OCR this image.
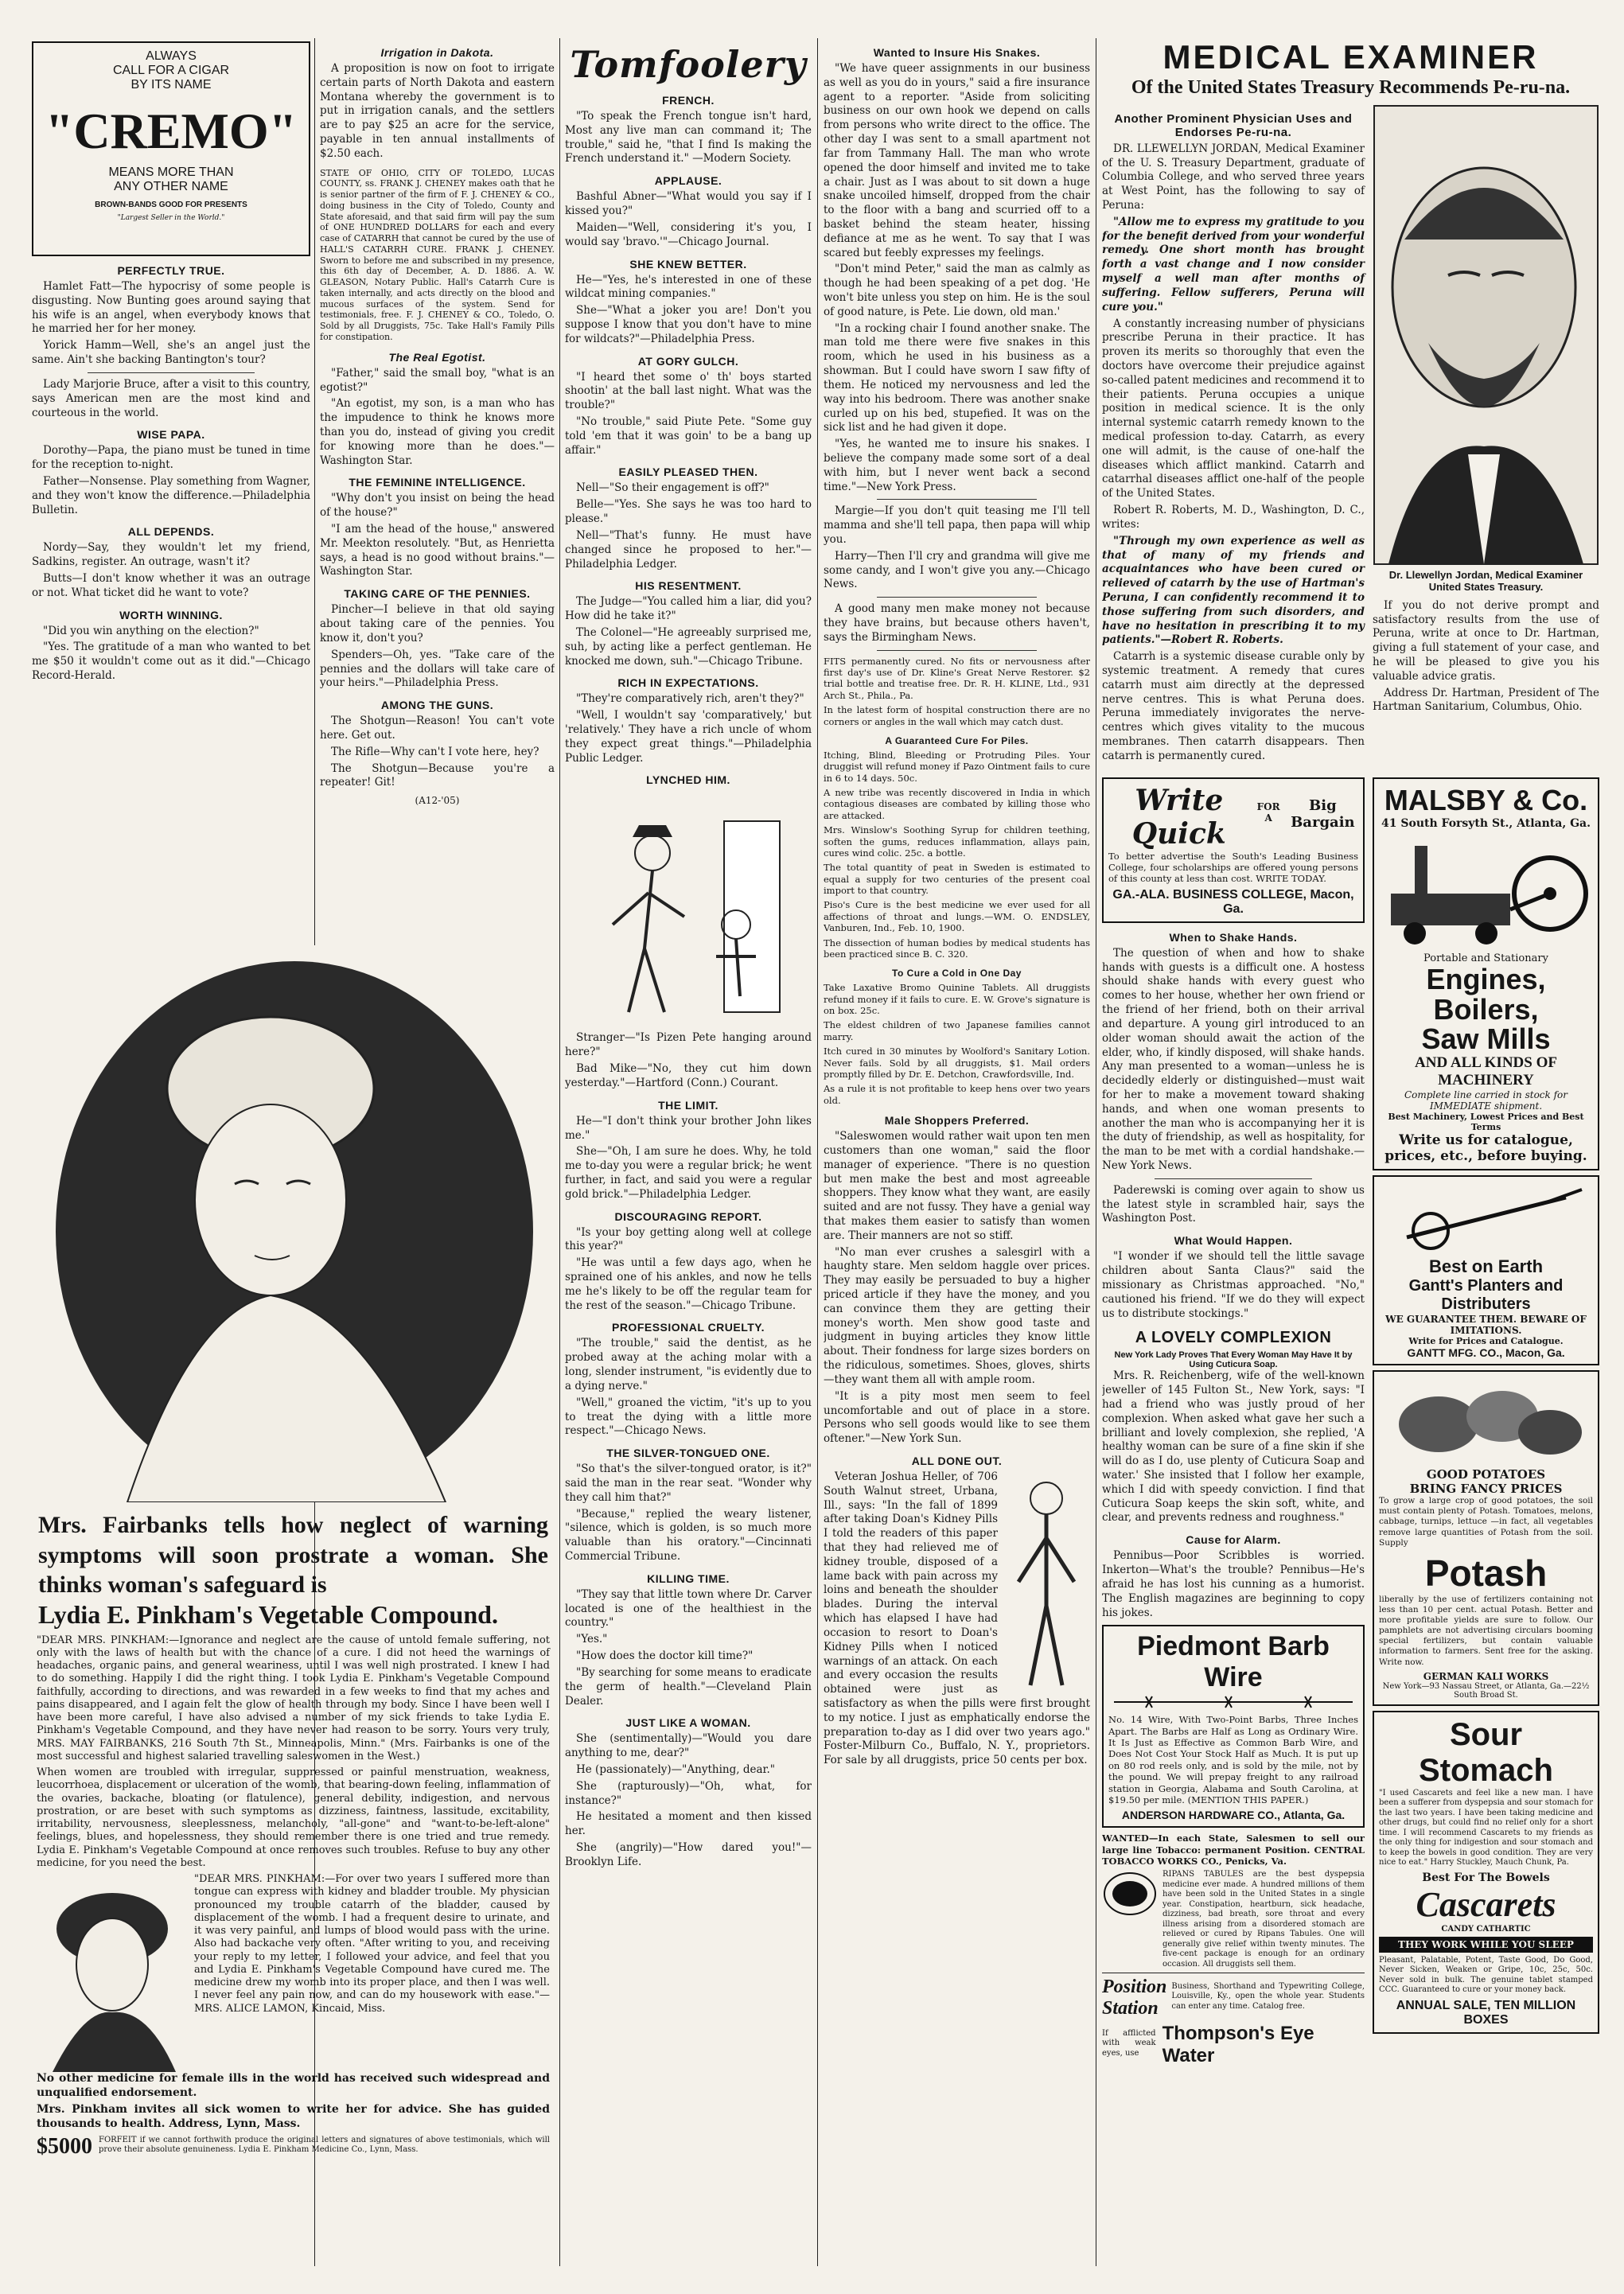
ALWAYS
CALL FOR A CIGAR
BY ITS NAME
"CREMO"
MEANS MORE THAN
ANY OTHER NAME
BROWN-BANDS GOOD FOR PRESENTS
"Largest Seller in the World."
PERFECTLY TRUE.

Hamlet Fatt—The hypocrisy of some people is disgusting. Now Bunting goes around saying that his wife is an angel, when everybody knows that he married her for her money.

Yorick Hamm—Well, she's an angel just the same. Ain't she backing Bantington's tour?

Lady Marjorie Bruce, after a visit to this country, says American men are the most kind and courteous in the world.

WISE PAPA.

Dorothy—Papa, the piano must be tuned in time for the reception to-night.

Father—Nonsense. Play something from Wagner, and they won't know the difference.—Philadelphia Bulletin.

ALL DEPENDS.

Nordy—Say, they wouldn't let my friend, Sadkins, register. An outrage, wasn't it?

Butts—I don't know whether it was an outrage or not. What ticket did he want to vote?

WORTH WINNING.

"Did you win anything on the election?"

"Yes. The gratitude of a man who wanted to bet me $50 it wouldn't come out as it did."—Chicago Record-Herald.

Mrs. Fairbanks tells how neglect of warning symptoms will soon prostrate a woman. She thinks woman's safeguard is
Lydia E. Pinkham's Vegetable Compound.

"DEAR MRS. PINKHAM:—Ignorance and neglect are the cause of untold female suffering, not only with the laws of health but with the chance of a cure. I did not heed the warnings of headaches, organic pains, and general weariness, until I was well nigh prostrated. I knew I had to do something. Happily I did the right thing. I took Lydia E. Pinkham's Vegetable Compound faithfully, according to directions, and was rewarded in a few weeks to find that my aches and pains disappeared, and I again felt the glow of health through my body. Since I have been well I have been more careful, I have also advised a number of my sick friends to take Lydia E. Pinkham's Vegetable Compound, and they have never had reason to be sorry. Yours very truly, MRS. MAY FAIRBANKS, 216 South 7th St., Minneapolis, Minn." (Mrs. Fairbanks is one of the most successful and highest salaried travelling saleswomen in the West.)

When women are troubled with irregular, suppressed or painful menstruation, weakness, leucorrhoea, displacement or ulceration of the womb, that bearing-down feeling, inflammation of the ovaries, backache, bloating (or flatulence), general debility, indigestion, and nervous prostration, or are beset with such symptoms as dizziness, faintness, lassitude, excitability, irritability, nervousness, sleeplessness, melancholy, "all-gone" and "want-to-be-left-alone" feelings, blues, and hopelessness, they should remember there is one tried and true remedy. Lydia E. Pinkham's Vegetable Compound at once removes such troubles. Refuse to buy any other medicine, for you need the best.

"DEAR MRS. PINKHAM:—For over two years I suffered more than tongue can express with kidney and bladder trouble. My physician pronounced my trouble catarrh of the bladder, caused by displacement of the womb. I had a frequent desire to urinate, and it was very painful, and lumps of blood would pass with the urine. Also had backache very often. "After writing to you, and receiving your reply to my letter, I followed your advice, and feel that you and Lydia E. Pinkham's Vegetable Compound have cured me. The medicine drew my womb into its proper place, and then I was well. I never feel any pain now, and can do my housework with ease."—MRS. ALICE LAMON, Kincaid, Miss.

No other medicine for female ills in the world has received such widespread and unqualified endorsement.

Mrs. Pinkham invites all sick women to write her for advice. She has guided thousands to health. Address, Lynn, Mass.

$5000 FORFEIT if we cannot forthwith produce the original letters and signatures of above testimonials, which will prove their absolute genuineness. Lydia E. Pinkham Medicine Co., Lynn, Mass.
Irrigation in Dakota.

A proposition is now on foot to irrigate certain parts of North Dakota and eastern Montana whereby the government is to put in irrigation canals, and the settlers are to pay $25 an acre for the service, payable in ten annual installments of $2.50 each.

STATE OF OHIO, CITY OF TOLEDO, LUCAS COUNTY, ss. FRANK J. CHENEY makes oath that he is senior partner of the firm of F. J. CHENEY & CO., doing business in the City of Toledo, County and State aforesaid, and that said firm will pay the sum of ONE HUNDRED DOLLARS for each and every case of CATARRH that cannot be cured by the use of HALL'S CATARRH CURE. FRANK J. CHENEY. Sworn to before me and subscribed in my presence, this 6th day of December, A. D. 1886. A. W. GLEASON, Notary Public. Hall's Catarrh Cure is taken internally, and acts directly on the blood and mucous surfaces of the system. Send for testimonials, free. F. J. CHENEY & CO., Toledo, O. Sold by all Druggists, 75c. Take Hall's Family Pills for constipation.

The Real Egotist.

"Father," said the small boy, "what is an egotist?"

"An egotist, my son, is a man who has the impudence to think he knows more than you do, instead of giving you credit for knowing more than he does."—Washington Star.

THE FEMININE INTELLIGENCE.

"Why don't you insist on being the head of the house?"

"I am the head of the house," answered Mr. Meekton resolutely. "But, as Henrietta says, a head is no good without brains."—Washington Star.

TAKING CARE OF THE PENNIES.

Pincher—I believe in that old saying about taking care of the pennies. You know it, don't you?

Spenders—Oh, yes. "Take care of the pennies and the dollars will take care of your heirs."—Philadelphia Press.

AMONG THE GUNS.

The Shotgun—Reason! You can't vote here. Get out.

The Rifle—Why can't I vote here, hey?

The Shotgun—Because you're a repeater! Git!

(A12-'05)
Tomfoolery
FRENCH.

"To speak the French tongue isn't hard, Most any live man can command it; The trouble," said he, "that I find Is making the French understand it." —Modern Society.

APPLAUSE.

Bashful Abner—"What would you say if I kissed you?"

Maiden—"Well, considering it's you, I would say 'bravo.'"—Chicago Journal.

SHE KNEW BETTER.

He—"Yes, he's interested in one of these wildcat mining companies."

She—"What a joker you are! Don't you suppose I know that you don't have to mine for wildcats?"—Philadelphia Press.

AT GORY GULCH.

"I heard thet some o' th' boys started shootin' at the ball last night. What was the trouble?"

"No trouble," said Piute Pete. "Some guy told 'em that it was goin' to be a bang up affair."

EASILY PLEASED THEN.

Nell—"So their engagement is off?"

Belle—"Yes. She says he was too hard to please."

Nell—"That's funny. He must have changed since he proposed to her."—Philadelphia Ledger.

HIS RESENTMENT.

The Judge—"You called him a liar, did you? How did he take it?"

The Colonel—"He agreeably surprised me, suh, by acting like a perfect gentleman. He knocked me down, suh."—Chicago Tribune.

RICH IN EXPECTATIONS.

"They're comparatively rich, aren't they?"

"Well, I wouldn't say 'comparatively,' but 'relatively.' They have a rich uncle of whom they expect great things."—Philadelphia Public Ledger.

LYNCHED HIM.

Stranger—"Is Pizen Pete hanging around here?"

Bad Mike—"No, they cut him down yesterday."—Hartford (Conn.) Courant.

THE LIMIT.

He—"I don't think your brother John likes me."

She—"Oh, I am sure he does. Why, he told me to-day you were a regular brick; he went further, in fact, and said you were a regular gold brick."—Philadelphia Ledger.

DISCOURAGING REPORT.

"Is your boy getting along well at college this year?"

"He was until a few days ago, when he sprained one of his ankles, and now he tells me he's likely to be off the regular team for the rest of the season."—Chicago Tribune.

PROFESSIONAL CRUELTY.

"The trouble," said the dentist, as he probed away at the aching molar with a long, slender instrument, "is evidently due to a dying nerve."

"Well," groaned the victim, "it's up to you to treat the dying with a little more respect."—Chicago News.

THE SILVER-TONGUED ONE.

"So that's the silver-tongued orator, is it?" said the man in the rear seat. "Wonder why they call him that?"

"Because," replied the weary listener, "silence, which is golden, is so much more valuable than his oratory."—Cincinnati Commercial Tribune.

KILLING TIME.

"They say that little town where Dr. Carver located is one of the healthiest in the country."

"Yes."

"How does the doctor kill time?"

"By searching for some means to eradicate the germ of health."—Cleveland Plain Dealer.

JUST LIKE A WOMAN.

She (sentimentally)—"Would you dare anything to me, dear?"

He (passionately)—"Anything, dear."

She (rapturously)—"Oh, what, for instance?"

He hesitated a moment and then kissed her.

She (angrily)—"How dared you!"—Brooklyn Life.

Wanted to Insure His Snakes.

"We have queer assignments in our business as well as you do in yours," said a fire insurance agent to a reporter. "Aside from soliciting business on our own hook we depend on calls from persons who write direct to the office. The other day I was sent to a small apartment not far from Tammany Hall. The man who wrote opened the door himself and invited me to take a chair. Just as I was about to sit down a huge snake uncoiled himself, dropped from the chair to the floor with a bang and scurried off to a basket behind the steam heater, hissing defiance at me as he went. To say that I was scared but feebly expresses my feelings.

"Don't mind Peter," said the man as calmly as though he had been speaking of a pet dog. 'He won't bite unless you step on him. He is the soul of good nature, is Pete. Lie down, old man.'

"In a rocking chair I found another snake. The man told me there were five snakes in this room, which he used in his business as a showman. But I could have sworn I saw fifty of them. He noticed my nervousness and led the way into his bedroom. There was another snake curled up on his bed, stupefied. It was on the sick list and he had given it dope.

"Yes, he wanted me to insure his snakes. I believe the company made some sort of a deal with him, but I never went back a second time."—New York Press.

Margie—If you don't quit teasing me I'll tell mamma and she'll tell papa, then papa will whip you.

Harry—Then I'll cry and grandma will give me some candy, and I won't give you any.—Chicago News.

A good many men make money not because they have brains, but because others haven't, says the Birmingham News.

FITS permanently cured. No fits or nervousness after first day's use of Dr. Kline's Great Nerve Restorer. $2 trial bottle and treatise free. Dr. R. H. KLINE, Ltd., 931 Arch St., Phila., Pa.

In the latest form of hospital construction there are no corners or angles in the wall which may catch dust.

A Guaranteed Cure For Piles.

Itching, Blind, Bleeding or Protruding Piles. Your druggist will refund money if Pazo Ointment fails to cure in 6 to 14 days. 50c.

A new tribe was recently discovered in India in which contagious diseases are combated by killing those who are attacked.

Mrs. Winslow's Soothing Syrup for children teething, soften the gums, reduces inflammation, allays pain, cures wind colic. 25c. a bottle.

The total quantity of peat in Sweden is estimated to equal a supply for two centuries of the present coal import to that country.

Piso's Cure is the best medicine we ever used for all affections of throat and lungs.—WM. O. ENDSLEY, Vanburen, Ind., Feb. 10, 1900.

The dissection of human bodies by medical students has been practiced since B. C. 320.

To Cure a Cold in One Day

Take Laxative Bromo Quinine Tablets. All druggists refund money if it fails to cure. E. W. Grove's signature is on box. 25c.

The eldest children of two Japanese families cannot marry.

Itch cured in 30 minutes by Woolford's Sanitary Lotion. Never fails. Sold by all druggists, $1. Mail orders promptly filled by Dr. E. Detchon, Crawfordsville, Ind.

As a rule it is not profitable to keep hens over two years old.

Male Shoppers Preferred.

"Saleswomen would rather wait upon ten men customers than one woman," said the floor manager of experience. "There is no question but men make the best and most agreeable shoppers. They know what they want, are easily suited and are not fussy. They have a genial way that makes them easier to satisfy than women are. Their manners are not so stiff.

"No man ever crushes a salesgirl with a haughty stare. Men seldom haggle over prices. They may easily be persuaded to buy a higher priced article if they have the money, and you can convince them they are getting their money's worth. Men show good taste and judgment in buying articles they know little about. Their fondness for large sizes borders on the ridiculous, sometimes. Shoes, gloves, shirts—they want them all with ample room.

"It is a pity most men seem to feel uncomfortable and out of place in a store. Persons who sell goods would like to see them oftener."—New York Sun.

ALL DONE OUT.

Veteran Joshua Heller, of 706 South Walnut street, Urbana, Ill., says: "In the fall of 1899 after taking Doan's Kidney Pills I told the readers of this paper that they had relieved me of kidney trouble, disposed of a lame back with pain across my loins and beneath the shoulder blades. During the interval which has elapsed I have had occasion to resort to Doan's Kidney Pills when I noticed warnings of an attack. On each and every occasion the results obtained were just as satisfactory as when the pills were first brought to my notice. I just as emphatically endorse the preparation to-day as I did over two years ago." Foster-Milburn Co., Buffalo, N. Y., proprietors. For sale by all druggists, price 50 cents per box.

MEDICAL EXAMINER
Of the United States Treasury Recommends Pe-ru-na.
Another Prominent Physician Uses and Endorses Pe-ru-na.

DR. LLEWELLYN JORDAN, Medical Examiner of the U. S. Treasury Department, graduate of Columbia College, and who served three years at West Point, has the following to say of Peruna:

"Allow me to express my gratitude to you for the benefit derived from your wonderful remedy. One short month has brought forth a vast change and I now consider myself a well man after months of suffering. Fellow sufferers, Peruna will cure you."

A constantly increasing number of physicians prescribe Peruna in their practice. It has proven its merits so thoroughly that even the doctors have overcome their prejudice against so-called patent medicines and recommend it to their patients. Peruna occupies a unique position in medical science. It is the only internal systemic catarrh remedy known to the medical profession to-day. Catarrh, as every one will admit, is the cause of one-half the diseases which afflict mankind. Catarrh and catarrhal diseases afflict one-half of the people of the United States.

Robert R. Roberts, M. D., Washington, D. C., writes:

"Through my own experience as well as that of many of my friends and acquaintances who have been cured or relieved of catarrh by the use of Hartman's Peruna, I can confidently recommend it to those suffering from such disorders, and have no hesitation in prescribing it to my patients."—Robert R. Roberts.

Catarrh is a systemic disease curable only by systemic treatment. A remedy that cures catarrh must aim directly at the depressed nerve centres. This is what Peruna does. Peruna immediately invigorates the nerve-centres which gives vitality to the mucous membranes. Then catarrh disappears. Then catarrh is permanently cured.

Dr. Llewellyn Jordan, Medical Examiner United States Treasury.

If you do not derive prompt and satisfactory results from the use of Peruna, write at once to Dr. Hartman, giving a full statement of your case, and he will be pleased to give you his valuable advice gratis.

Address Dr. Hartman, President of The Hartman Sanitarium, Columbus, Ohio.

Write Quick
FOR A
Big Bargain

To better advertise the South's Leading Business College, four scholarships are offered young persons of this county at less than cost. WRITE TODAY.

GA.-ALA. BUSINESS COLLEGE, Macon, Ga.
When to Shake Hands.

The question of when and how to shake hands with guests is a difficult one. A hostess should shake hands with every guest who comes to her house, whether her own friend or the friend of her friend, both on their arrival and departure. A young girl introduced to an older woman should await the action of the elder, who, if kindly disposed, will shake hands. Any man presented to a woman—unless he is decidedly elderly or distinguished—must wait for her to make a movement toward shaking hands, and when one woman presents to another the man who is accompanying her it is the duty of friendship, as well as hospitality, for the man to be met with a cordial handshake.—New York News.

Paderewski is coming over again to show us the latest style in scrambled hair, says the Washington Post.

What Would Happen.

"I wonder if we should tell the little savage children about Santa Claus?" said the missionary as Christmas approached. "No," cautioned his friend. "If we do they will expect us to distribute stockings."

A LOVELY COMPLEXION
New York Lady Proves That Every Woman May Have It by Using Cuticura Soap.

Mrs. R. Reichenberg, wife of the well-known jeweller of 145 Fulton St., New York, says: "I had a friend who was justly proud of her complexion. When asked what gave her such a brilliant and lovely complexion, she replied, 'A healthy woman can be sure of a fine skin if she will do as I do, use plenty of Cuticura Soap and water.' She insisted that I follow her example, which I did with speedy conviction. I find that Cuticura Soap keeps the skin soft, white, and clear, and prevents redness and roughness."

Cause for Alarm.

Pennibus—Poor Scribbles is worried. Inkerton—What's the trouble? Pennibus—He's afraid he has lost his cunning as a humorist. The English magazines are beginning to copy his jokes.

Piedmont Barb Wire

No. 14 Wire, With Two-Point Barbs, Three Inches Apart. The Barbs are Half as Long as Ordinary Wire. It Is Just as Effective as Common Barb Wire, and Does Not Cost Your Stock Half as Much. It is put up on 80 rod reels only, and is sold by the mile, not by the pound. We will prepay freight to any railroad station in Georgia, Alabama and South Carolina, at $19.50 per mile. (MENTION THIS PAPER.)

ANDERSON HARDWARE CO., Atlanta, Ga.

WANTED—In each State, Salesmen to sell our large line Tobacco: permanent Position. CENTRAL TOBACCO WORKS CO., Penicks, Va.

RIPANS TABULES are the best dyspepsia medicine ever made. A hundred millions of them have been sold in the United States in a single year. Constipation, heartburn, sick headache, dizziness, bad breath, sore throat and every illness arising from a disordered stomach are relieved or cured by Ripans Tabules. One will generally give relief within twenty minutes. The five-cent package is enough for an ordinary occasion. All druggists sell them.

Position Station
Business, Shorthand and Typewriting College, Louisville, Ky., open the whole year. Students can enter any time. Catalog free.
If afflicted with weak eyes, use
Thompson's Eye Water
MALSBY & Co.
41 South Forsyth St., Atlanta, Ga.
Portable and Stationary
Engines, Boilers,
Saw Mills
AND ALL KINDS OF MACHINERY
Complete line carried in stock for IMMEDIATE shipment.
Best Machinery, Lowest Prices and Best Terms
Write us for catalogue, prices, etc., before buying.
Best on Earth
Gantt's Planters and Distributers
WE GUARANTEE THEM. BEWARE OF IMITATIONS.
Write for Prices and Catalogue.
GANTT MFG. CO., Macon, Ga.
GOOD POTATOES
BRING FANCY PRICES

To grow a large crop of good potatoes, the soil must contain plenty of Potash. Tomatoes, melons, cabbage, turnips, lettuce —in fact, all vegetables remove large quantities of Potash from the soil. Supply

Potash

liberally by the use of fertilizers containing not less than 10 per cent. actual Potash. Better and more profitable yields are sure to follow. Our pamphlets are not advertising circulars booming special fertilizers, but contain valuable information to farmers. Sent free for the asking. Write now.

GERMAN KALI WORKS
New York—93 Nassau Street, or Atlanta, Ga.—22½ South Broad St.
Sour Stomach

"I used Cascarets and feel like a new man. I have been a sufferer from dyspepsia and sour stomach for the last two years. I have been taking medicine and other drugs, but could find no relief only for a short time. I will recommend Cascarets to my friends as the only thing for indigestion and sour stomach and to keep the bowels in good condition. They are very nice to eat." Harry Stuckley, Mauch Chunk, Pa.

Best For The Bowels
Cascarets
CANDY CATHARTIC
THEY WORK WHILE YOU SLEEP

Pleasant, Palatable, Potent, Taste Good, Do Good, Never Sicken, Weaken or Gripe, 10c, 25c, 50c. Never sold in bulk. The genuine tablet stamped CCC. Guaranteed to cure or your money back.

ANNUAL SALE, TEN MILLION BOXES
